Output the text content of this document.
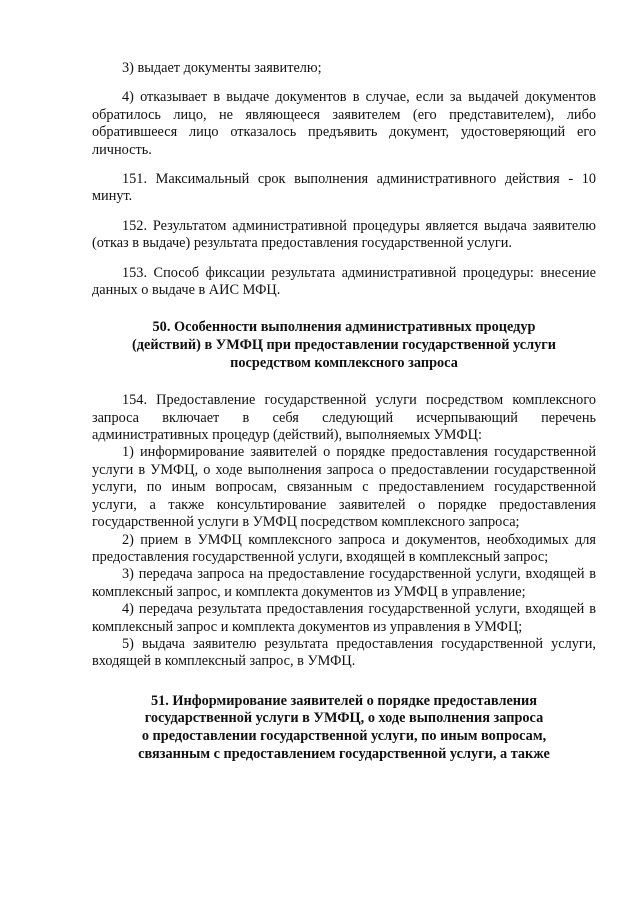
3) выдает документы заявителю;

4) отказывает в выдаче документов в случае, если за выдачей документов обратилось лицо, не являющееся заявителем (его представителем), либо обратившееся лицо отказалось предъявить документ, удостоверяющий его личность.

151. Максимальный срок выполнения административного действия - 10 минут.

152. Результатом административной процедуры является выдача заявителю (отказ в выдаче) результата предоставления государственной услуги.

153. Способ фиксации результата административной процедуры: внесение данных о выдаче в АИС МФЦ.

50. Особенности выполнения административных процедур
(действий) в УМФЦ при предоставлении государственной услуги
посредством комплексного запроса

154. Предоставление государственной услуги посредством комплексного запроса включает в себя следующий исчерпывающий перечень административных процедур (действий), выполняемых УМФЦ:

1) информирование заявителей о порядке предоставления государственной услуги в УМФЦ, о ходе выполнения запроса о предоставлении государственной услуги, по иным вопросам, связанным с предоставлением государственной услуги, а также консультирование заявителей о порядке предоставления государственной услуги в УМФЦ посредством комплексного запроса;

2) прием в УМФЦ комплексного запроса и документов, необходимых для предоставления государственной услуги, входящей в комплексный запрос;

3) передача запроса на предоставление государственной услуги, входящей в комплексный запрос, и комплекта документов из УМФЦ в управление;

4) передача результата предоставления государственной услуги, входящей в комплексный запрос и комплекта документов из управления в УМФЦ;

5) выдача заявителю результата предоставления государственной услуги, входящей в комплексный запрос, в УМФЦ.

51. Информирование заявителей о порядке предоставления
государственной услуги в УМФЦ, о ходе выполнения запроса
о предоставлении государственной услуги, по иным вопросам,
связанным с предоставлением государственной услуги, а также
